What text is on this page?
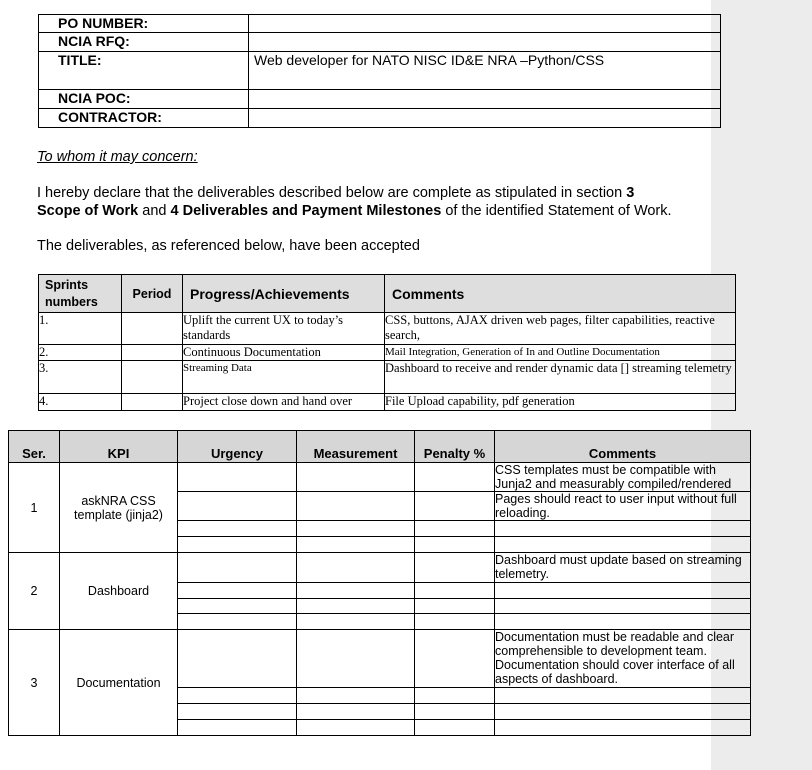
PO NUMBER:	
NCIA RFQ:	
TITLE:	Web developer for NATO NISC ID&E NRA –Python/CSS
NCIA POC:	
CONTRACTOR:	
To whom it may concern:
I hereby declare that the deliverables described below are complete as stipulated in section 3 Scope of Work and 4 Deliverables and Payment Milestones of the identified Statement of Work.
The deliverables, as referenced below, have been accepted
Sprints numbers	Period	Progress/Achievements	Comments
1.		Uplift the current UX to today’s standards	CSS, buttons, AJAX driven web pages, filter capabilities, reactive search,
2.		Continuous Documentation	Mail Integration, Generation of In and Outline Documentation
3.		Streaming Data	Dashboard to receive and render dynamic data [] streaming telemetry
4.		Project close down and hand over	File Upload capability, pdf generation
Ser.	KPI	Urgency	Measurement	Penalty %	Comments
1	askNRA CSS template (jinja2)				CSS templates must be compatible with Junja2 and measurably compiled/rendered
					Pages should react to user input without full reloading.

2	Dashboard				Dashboard must update based on streaming telemetry.

3	Documentation				Documentation must be readable and clear comprehensible to development team. Documentation should cover interface of all aspects of dashboard.
